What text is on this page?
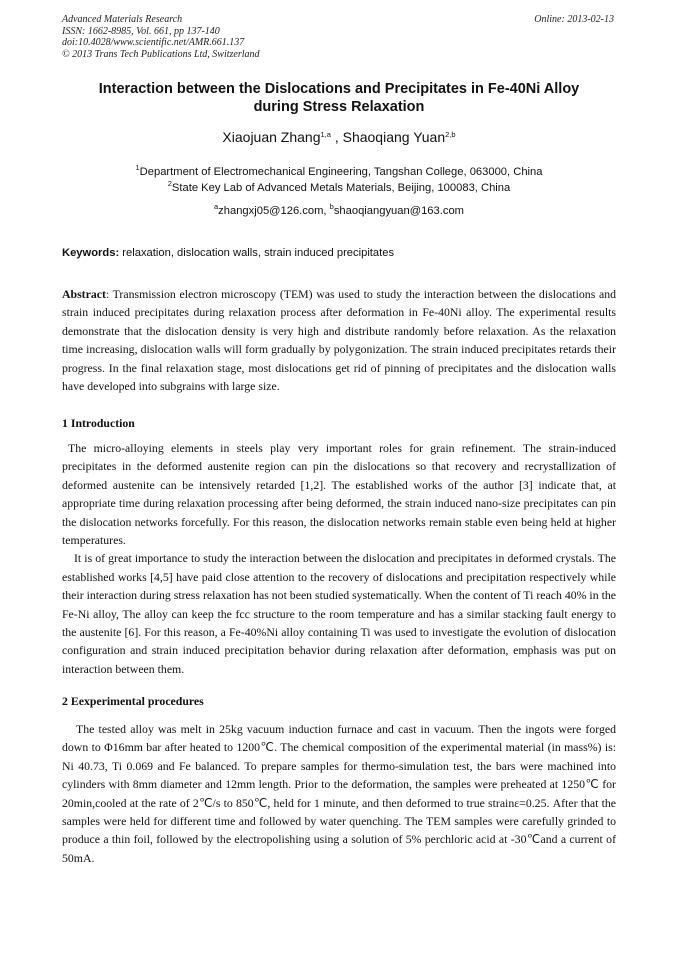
Advanced Materials Research
ISSN: 1662-8985, Vol. 661, pp 137-140
doi:10.4028/www.scientific.net/AMR.661.137
© 2013 Trans Tech Publications Ltd, Switzerland
Online: 2013-02-13
Interaction between the Dislocations and Precipitates in Fe-40Ni Alloy
during Stress Relaxation
Xiaojuan Zhang$^{1,a}$ , Shaoqiang Yuan$^{2,b}$
$^1$Department of Electromechanical Engineering, Tangshan College, 063000, China
$^2$State Key Lab of Advanced Metals Materials, Beijing, 100083, China
$^a$zhangxj05@126.com, $^b$shaoqiangyuan@163.com
Keywords: relaxation, dislocation walls, strain induced precipitates
Abstract: Transmission electron microscopy (TEM) was used to study the interaction between the dislocations and strain induced precipitates during relaxation process after deformation in Fe-40Ni alloy. The experimental results demonstrate that the dislocation density is very high and distribute randomly before relaxation. As the relaxation time increasing, dislocation walls will form gradually by polygonization. The strain induced precipitates retards their progress. In the final relaxation stage, most dislocations get rid of pinning of precipitates and the dislocation walls have developed into subgrains with large size.
1 Introduction

The micro-alloying elements in steels play very important roles for grain refinement. The strain-induced precipitates in the deformed austenite region can pin the dislocations so that recovery and recrystallization of deformed austenite can be intensively retarded [1,2]. The established works of the author [3] indicate that, at appropriate time during relaxation processing after being deformed, the strain induced nano-size precipitates can pin the dislocation networks forcefully. For this reason, the dislocation networks remain stable even being held at higher temperatures.

It is of great importance to study the interaction between the dislocation and precipitates in deformed crystals. The established works [4,5] have paid close attention to the recovery of dislocations and precipitation respectively while their interaction during stress relaxation has not been studied systematically. When the content of Ti reach 40% in the Fe-Ni alloy, The alloy can keep the fcc structure to the room temperature and has a similar stacking fault energy to the austenite [6]. For this reason, a Fe-40%Ni alloy containing Ti was used to investigate the evolution of dislocation configuration and strain induced precipitation behavior during relaxation after deformation, emphasis was put on interaction between them.

2 Eexperimental procedures

The tested alloy was melt in 25kg vacuum induction furnace and cast in vacuum. Then the ingots were forged down to Φ16mm bar after heated to 1200℃. The chemical composition of the experimental material (in mass%) is: Ni 40.73, Ti 0.069 and Fe balanced. To prepare samples for thermo-simulation test, the bars were machined into cylinders with 8mm diameter and 12mm length. Prior to the deformation, the samples were preheated at 1250℃ for 20min,cooled at the rate of 2℃/s to 850℃, held for 1 minute, and then deformed to true strainε=0.25. After that the samples were held for different time and followed by water quenching. The TEM samples were carefully grinded to produce a thin foil, followed by the electropolishing using a solution of 5% perchloric acid at -30℃and a current of 50mA.
